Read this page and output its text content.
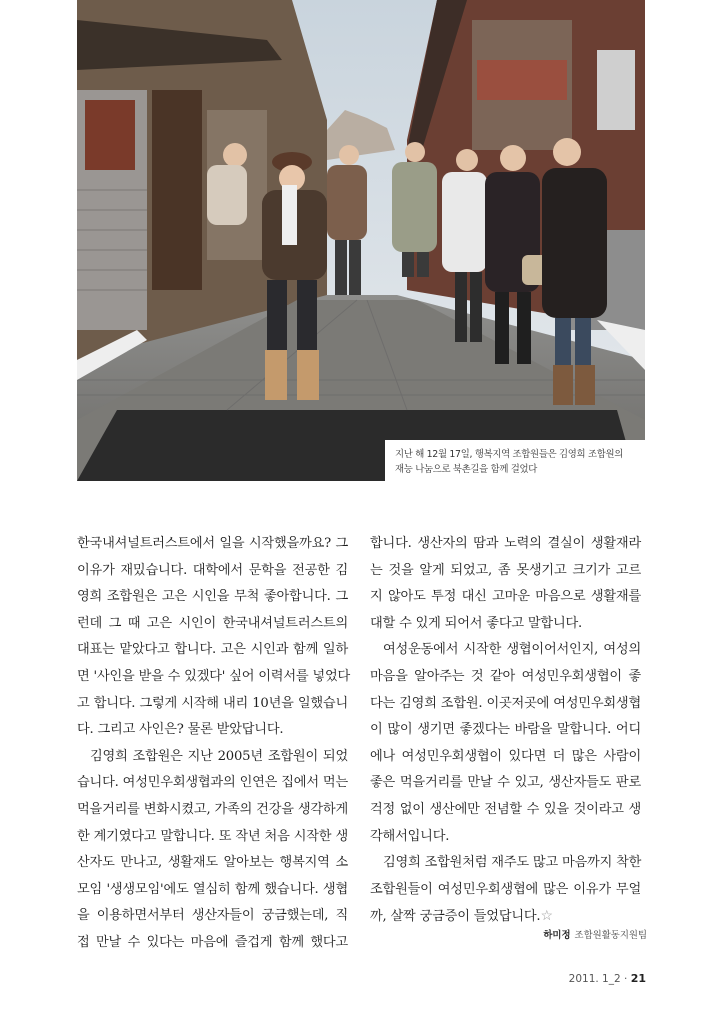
지난 해 12월 17일, 행복지역 조합원들은 김영희 조합원의
재능 나눔으로 북촌길을 함께 걸었다
한국내셔널트러스트에서 일을 시작했을까요? 그
이유가 재밌습니다. 대학에서 문학을 전공한 김
영희 조합원은 고은 시인을 무척 좋아합니다. 그
런데 그 때 고은 시인이 한국내셔널트러스트의
대표는 맡았다고 합니다. 고은 시인과 함께 일하
면 '사인을 받을 수 있겠다' 싶어 이력서를 넣었다
고 합니다. 그렇게 시작해 내리 10년을 일했습니
다. 그리고 사인은? 물론 받았답니다.
김영희 조합원은 지난 2005년 조합원이 되었
습니다. 여성민우회생협과의 인연은 집에서 먹는
먹을거리를 변화시켰고, 가족의 건강을 생각하게
한 계기였다고 말합니다. 또 작년 처음 시작한 생
산자도 만나고, 생활재도 알아보는 행복지역 소
모임 '생생모임'에도 열심히 함께 했습니다. 생협
을 이용하면서부터 생산자들이 궁금했는데, 직
접 만날 수 있다는 마음에 즐겁게 함께 했다고
합니다. 생산자의 땀과 노력의 결실이 생활재라
는 것을 알게 되었고, 좀 못생기고 크기가 고르
지 않아도 투정 대신 고마운 마음으로 생활재를
대할 수 있게 되어서 좋다고 말합니다.
여성운동에서 시작한 생협이어서인지, 여성의
마음을 알아주는 것 같아 여성민우회생협이 좋
다는 김영희 조합원. 이곳저곳에 여성민우회생협
이 많이 생기면 좋겠다는 바람을 말합니다. 어디
에나 여성민우회생협이 있다면 더 많은 사람이
좋은 먹을거리를 만날 수 있고, 생산자들도 판로
걱정 없이 생산에만 전념할 수 있을 것이라고 생
각해서입니다.
김영희 조합원처럼 재주도 많고 마음까지 착한
조합원들이 여성민우회생협에 많은 이유가 무얼
까, 살짝 궁금증이 들었답니다.☆
하미정 조합원활동지원팀
2011. 1_2 · 21
